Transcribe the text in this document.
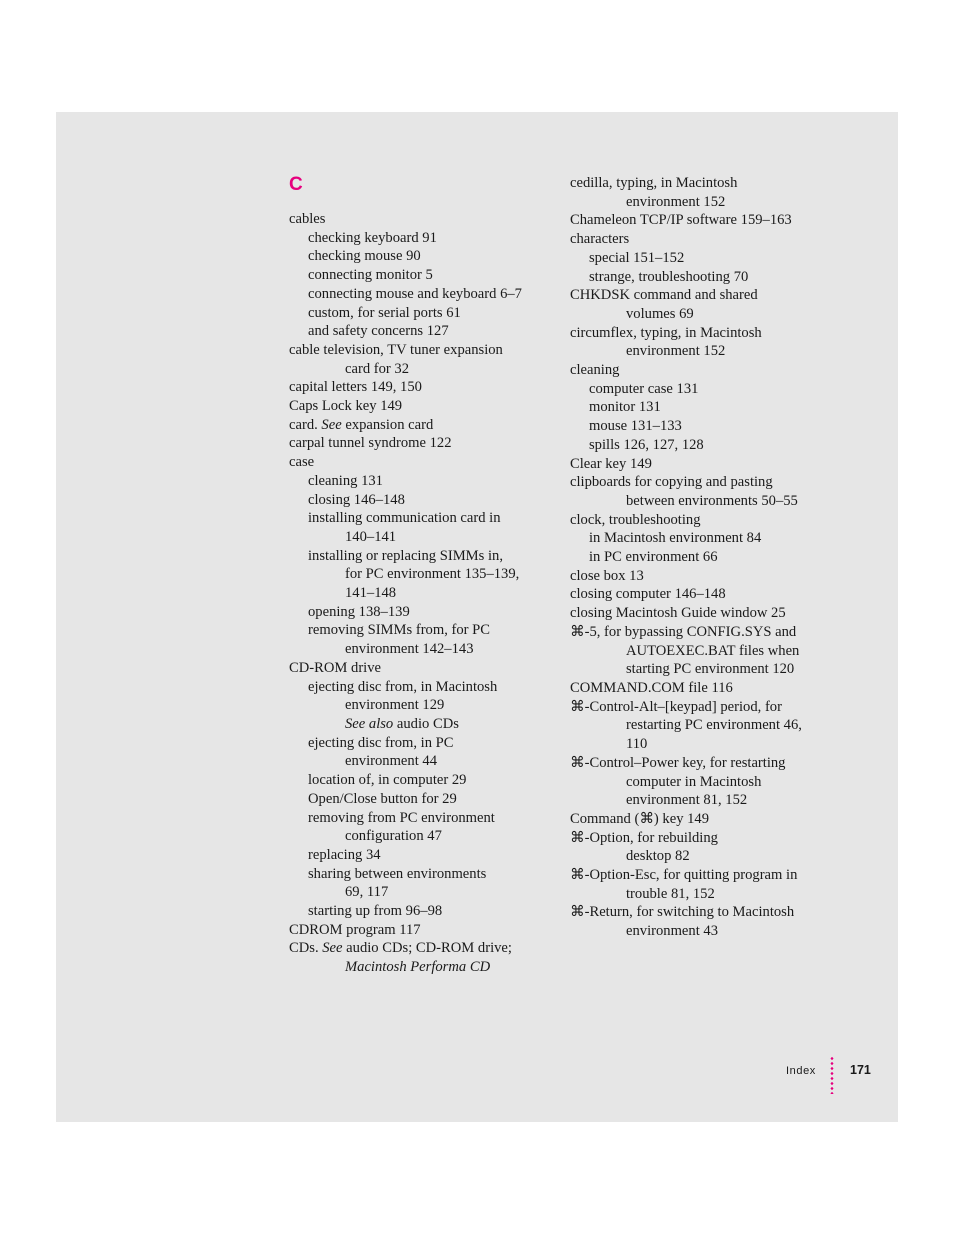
C
cables
checking keyboard 91
checking mouse 90
connecting monitor 5
connecting mouse and keyboard 6–7
custom, for serial ports 61
and safety concerns 127
cable television, TV tuner expansion
card for 32
capital letters 149, 150
Caps Lock key 149
card. See expansion card
carpal tunnel syndrome 122
case
cleaning 131
closing 146–148
installing communication card in
140–141
installing or replacing SIMMs in,
for PC environment 135–139,
141–148
opening 138–139
removing SIMMs from, for PC
environment 142–143
CD-ROM drive
ejecting disc from, in Macintosh
environment 129
See also audio CDs
ejecting disc from, in PC
environment 44
location of, in computer 29
Open/Close button for 29
removing from PC environment
configuration 47
replacing 34
sharing between environments
69, 117
starting up from 96–98
CDROM program 117
CDs. See audio CDs; CD-ROM drive;
Macintosh Performa CD
cedilla, typing, in Macintosh
environment 152
Chameleon TCP/IP software 159–163
characters
special 151–152
strange, troubleshooting 70
CHKDSK command and shared
volumes 69
circumflex, typing, in Macintosh
environment 152
cleaning
computer case 131
monitor 131
mouse 131–133
spills 126, 127, 128
Clear key 149
clipboards for copying and pasting
between environments 50–55
clock, troubleshooting
in Macintosh environment 84
in PC environment 66
close box 13
closing computer 146–148
closing Macintosh Guide window 25
⌘-5, for bypassing CONFIG.SYS and
AUTOEXEC.BAT files when
starting PC environment 120
COMMAND.COM file 116
⌘-Control-Alt–[keypad] period, for
restarting PC environment 46,
110
⌘-Control–Power key, for restarting
computer in Macintosh
environment 81, 152
Command (⌘) key 149
⌘-Option, for rebuilding
desktop 82
⌘-Option-Esc, for quitting program in
trouble 81, 152
⌘-Return, for switching to Macintosh
environment 43
Index	171
